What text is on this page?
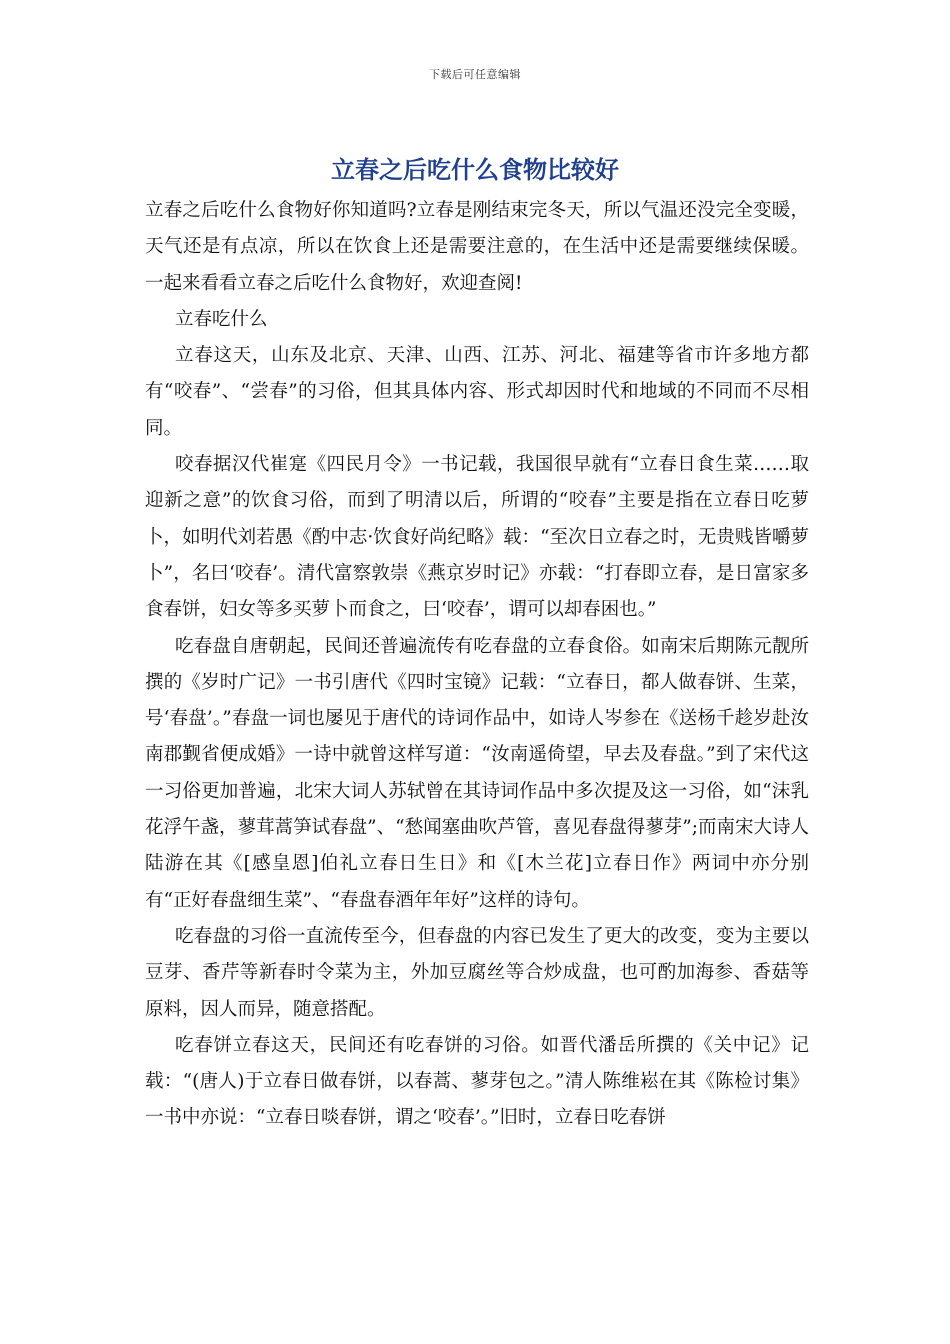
下载后可任意编辑
立春之后吃什么食物比较好

立春之后吃什么食物好你知道吗?立春是刚结束完冬天，所以气温还没完全变暖，天气还是有点凉，所以在饮食上还是需要注意的，在生活中还是需要继续保暖。一起来看看立春之后吃什么食物好，欢迎查阅!

立春吃什么

立春这天，山东及北京、天津、山西、江苏、河北、福建等省市许多地方都有“咬春”、“尝春”的习俗，但其具体内容、形式却因时代和地域的不同而不尽相同。

咬春据汉代崔寔《四民月令》一书记载，我国很早就有“立春日食生菜……取迎新之意”的饮食习俗，而到了明清以后，所谓的“咬春”主要是指在立春日吃萝卜，如明代刘若愚《酌中志·饮食好尚纪略》载：“至次日立春之时，无贵贱皆嚼萝卜”，名曰‘咬春’。清代富察敦崇《燕京岁时记》亦载：“打春即立春，是日富家多食春饼，妇女等多买萝卜而食之，曰‘咬春’，谓可以却春困也。”

吃春盘自唐朝起，民间还普遍流传有吃春盘的立春食俗。如南宋后期陈元靓所撰的《岁时广记》一书引唐代《四时宝镜》记载：“立春日，都人做春饼、生菜，号‘春盘’。”春盘一词也屡见于唐代的诗词作品中，如诗人岑参在《送杨千趁岁赴汝南郡觐省便成婚》一诗中就曾这样写道：“汝南遥倚望，早去及春盘。”到了宋代这一习俗更加普遍，北宋大词人苏轼曾在其诗词作品中多次提及这一习俗，如“沫乳花浮午盏，蓼茸蒿笋试春盘”、“愁闻塞曲吹芦管，喜见春盘得蓼芽”;而南宋大诗人陆游在其《[感皇恩]伯礼立春日生日》和《[木兰花]立春日作》两词中亦分别有“正好春盘细生菜”、“春盘春酒年年好”这样的诗句。

吃春盘的习俗一直流传至今，但春盘的内容已发生了更大的改变，变为主要以豆芽、香芹等新春时令菜为主，外加豆腐丝等合炒成盘，也可酌加海参、香菇等原料，因人而异，随意搭配。

吃春饼立春这天，民间还有吃春饼的习俗。如晋代潘岳所撰的《关中记》记载：“(唐人)于立春日做春饼，以春蒿、蓼芽包之。”清人陈维崧在其《陈检讨集》一书中亦说：“立春日啖春饼，谓之‘咬春’。”旧时，立春日吃春饼
